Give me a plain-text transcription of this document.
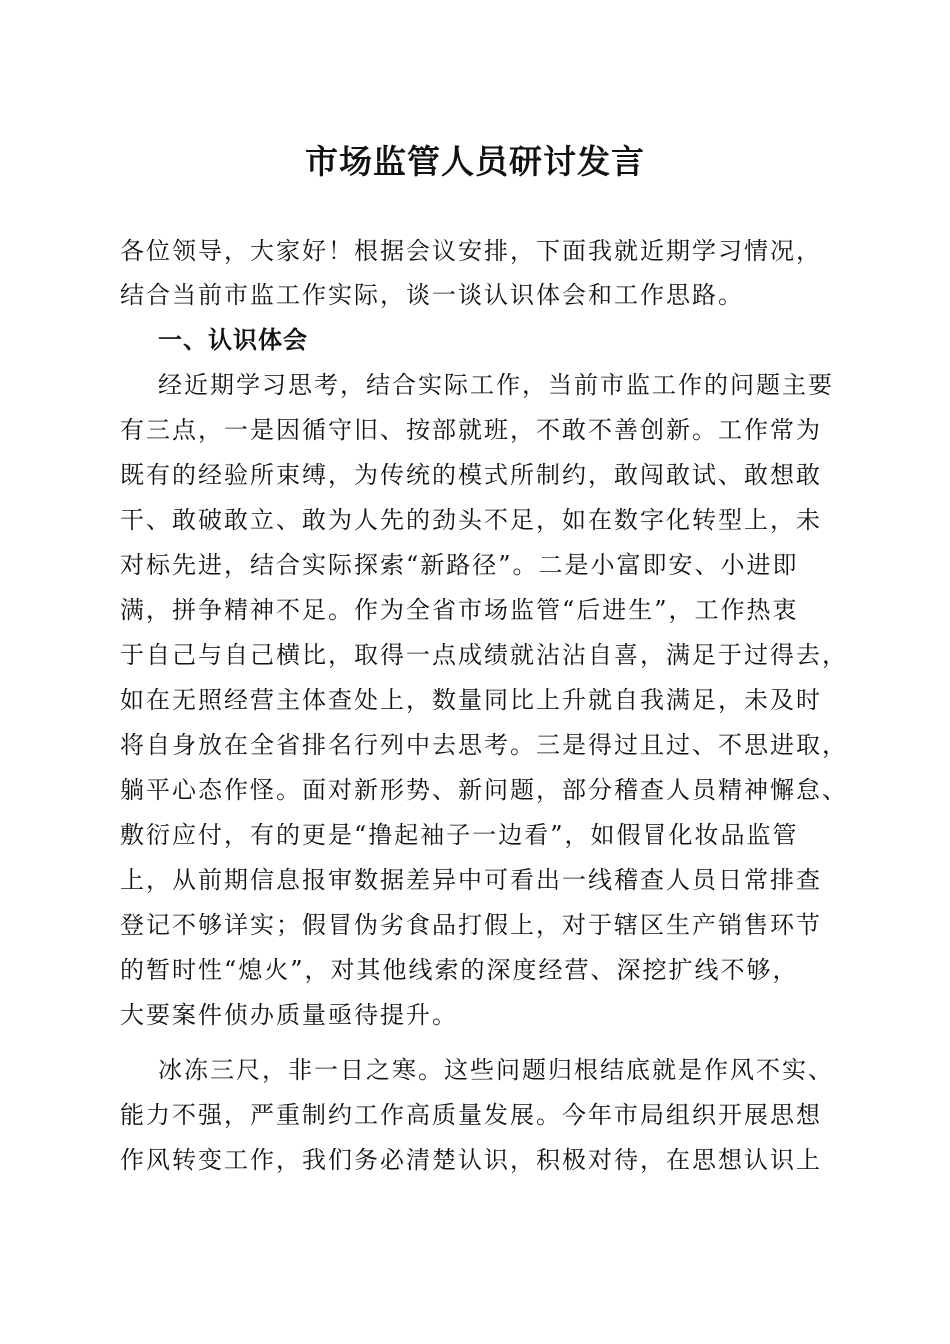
市场监管人员研讨发言
各位领导，大家好！根据会议安排，下面我就近期学习情况，
结合当前市监工作实际，谈一谈认识体会和工作思路。
一、认识体会
经近期学习思考，结合实际工作，当前市监工作的问题主要
有三点，一是因循守旧、按部就班，不敢不善创新。工作常为
既有的经验所束缚，为传统的模式所制约，敢闯敢试、敢想敢
干、敢破敢立、敢为人先的劲头不足，如在数字化转型上，未
对标先进，结合实际探索“新路径”。二是小富即安、小进即
满，拼争精神不足。作为全省市场监管“后进生”，工作热衷
于自己与自己横比，取得一点成绩就沾沾自喜，满足于过得去，
如在无照经营主体查处上，数量同比上升就自我满足，未及时
将自身放在全省排名行列中去思考。三是得过且过、不思进取，
躺平心态作怪。面对新形势、新问题，部分稽查人员精神懈怠、
敷衍应付，有的更是“撸起袖子一边看”，如假冒化妆品监管
上，从前期信息报审数据差异中可看出一线稽查人员日常排查
登记不够详实；假冒伪劣食品打假上，对于辖区生产销售环节
的暂时性“熄火”，对其他线索的深度经营、深挖扩线不够，
大要案件侦办质量亟待提升。
冰冻三尺，非一日之寒。这些问题归根结底就是作风不实、
能力不强，严重制约工作高质量发展。今年市局组织开展思想
作风转变工作，我们务必清楚认识，积极对待，在思想认识上
